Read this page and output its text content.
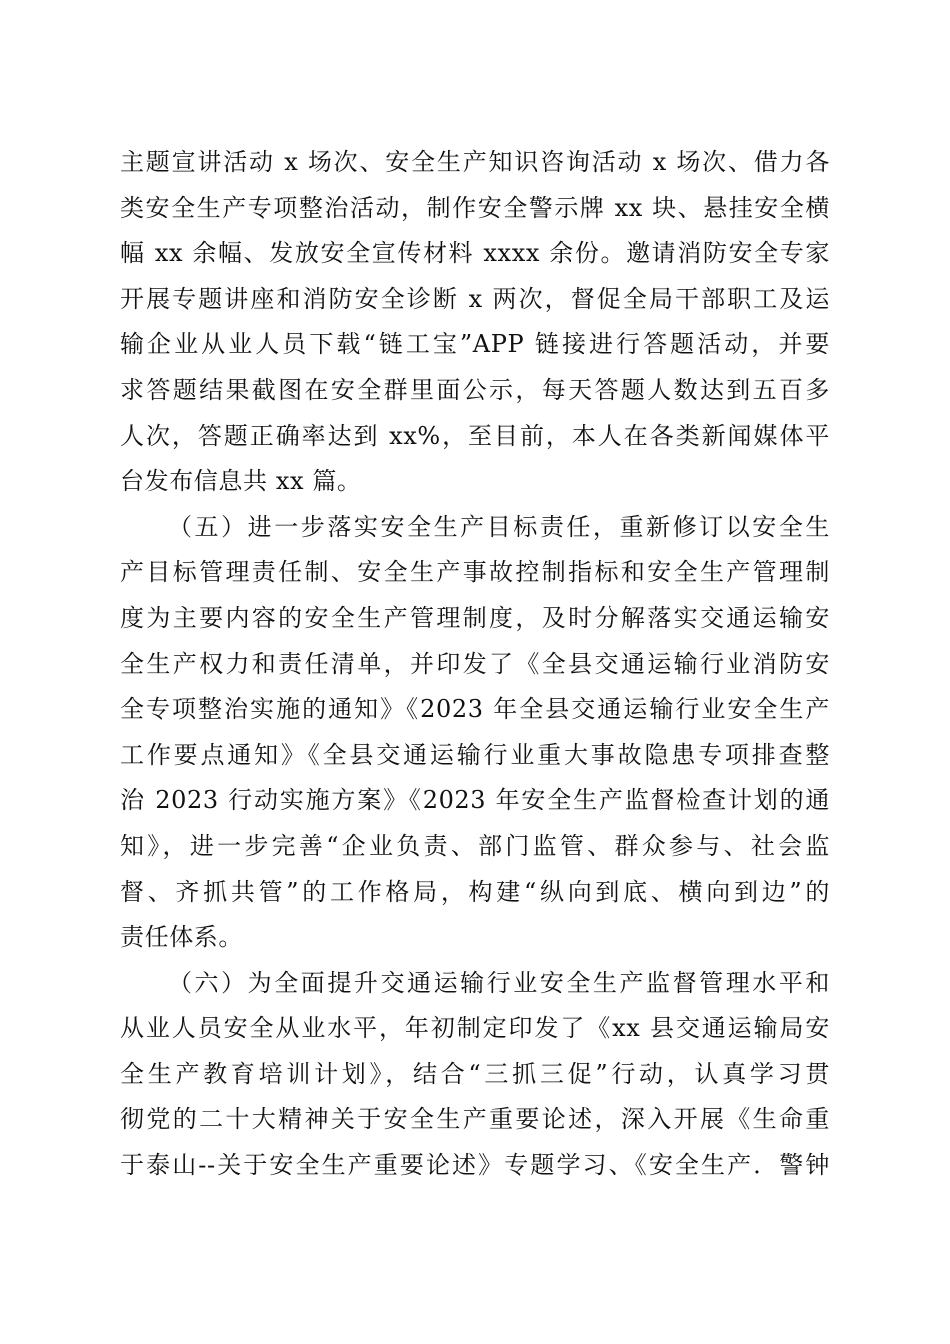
主题宣讲活动 x 场次、安全生产知识咨询活动 x 场次、借力各
类安全生产专项整治活动，制作安全警示牌 xx 块、悬挂安全横
幅 xx 余幅、发放安全宣传材料 xxxx 余份。邀请消防安全专家
开展专题讲座和消防安全诊断 x 两次，督促全局干部职工及运
输企业从业人员下载“链工宝”APP 链接进行答题活动，并要
求答题结果截图在安全群里面公示，每天答题人数达到五百多
人次，答题正确率达到 xx%，至目前，本人在各类新闻媒体平
台发布信息共 xx 篇。
（五）进一步落实安全生产目标责任，重新修订以安全生
产目标管理责任制、安全生产事故控制指标和安全生产管理制
度为主要内容的安全生产管理制度，及时分解落实交通运输安
全生产权力和责任清单，并印发了《全县交通运输行业消防安
全专项整治实施的通知》《2023 年全县交通运输行业安全生产
工作要点通知》《全县交通运输行业重大事故隐患专项排查整
治 2023 行动实施方案》《2023 年安全生产监督检查计划的通
知》，进一步完善“企业负责、部门监管、群众参与、社会监
督、齐抓共管”的工作格局，构建“纵向到底、横向到边”的
责任体系。
（六）为全面提升交通运输行业安全生产监督管理水平和
从业人员安全从业水平，年初制定印发了《xx 县交通运输局安
全生产教育培训计划》，结合“三抓三促”行动，认真学习贯
彻党的二十大精神关于安全生产重要论述，深入开展《生命重
于泰山--关于安全生产重要论述》专题学习、《安全生产．警钟
